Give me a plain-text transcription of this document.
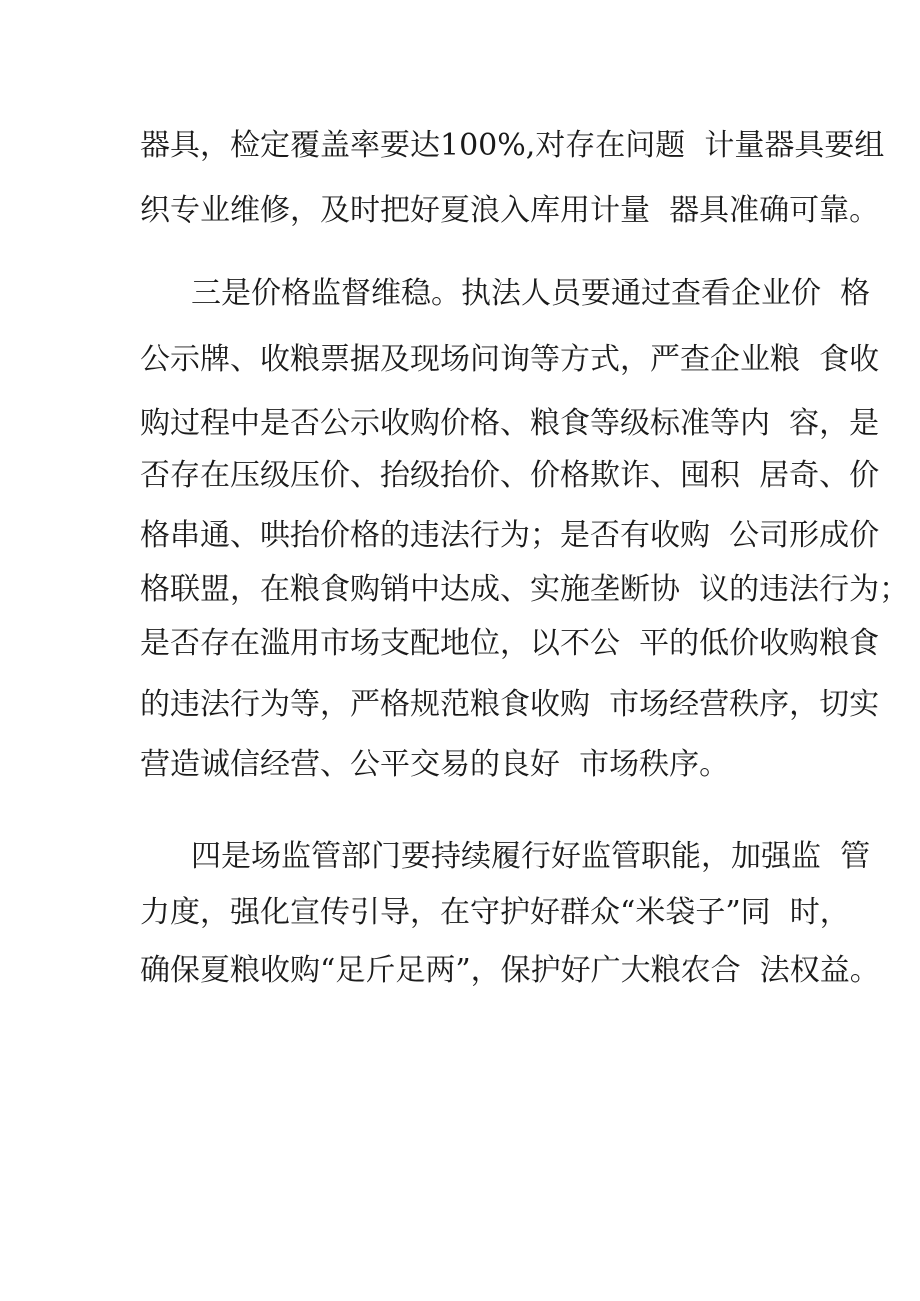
器具，检定覆盖率要达100%,对存在问题  计量器具要组
织专业维修，及时把好夏浪入库用计量  器具准确可靠。
三是价格监督维稳。执法人员要通过查看企业价  格
公示牌、收粮票据及现场问询等方式，严查企业粮  食收
购过程中是否公示收购价格、粮食等级标准等内  容，是
否存在压级压价、抬级抬价、价格欺诈、囤积  居奇、价
格串通、哄抬价格的违法行为；是否有收购  公司形成价
格联盟，在粮食购销中达成、实施垄断协  议的违法行为；
是否存在滥用市场支配地位，以不公  平的低价收购粮食
的违法行为等，严格规范粮食收购  市场经营秩序，切实
营造诚信经营、公平交易的良好  市场秩序。
四是场监管部门要持续履行好监管职能，加强监  管
力度，强化宣传引导，在守护好群众“米袋子”同  时，
确保夏粮收购“足斤足两”，保护好广大粮农合  法权益。
